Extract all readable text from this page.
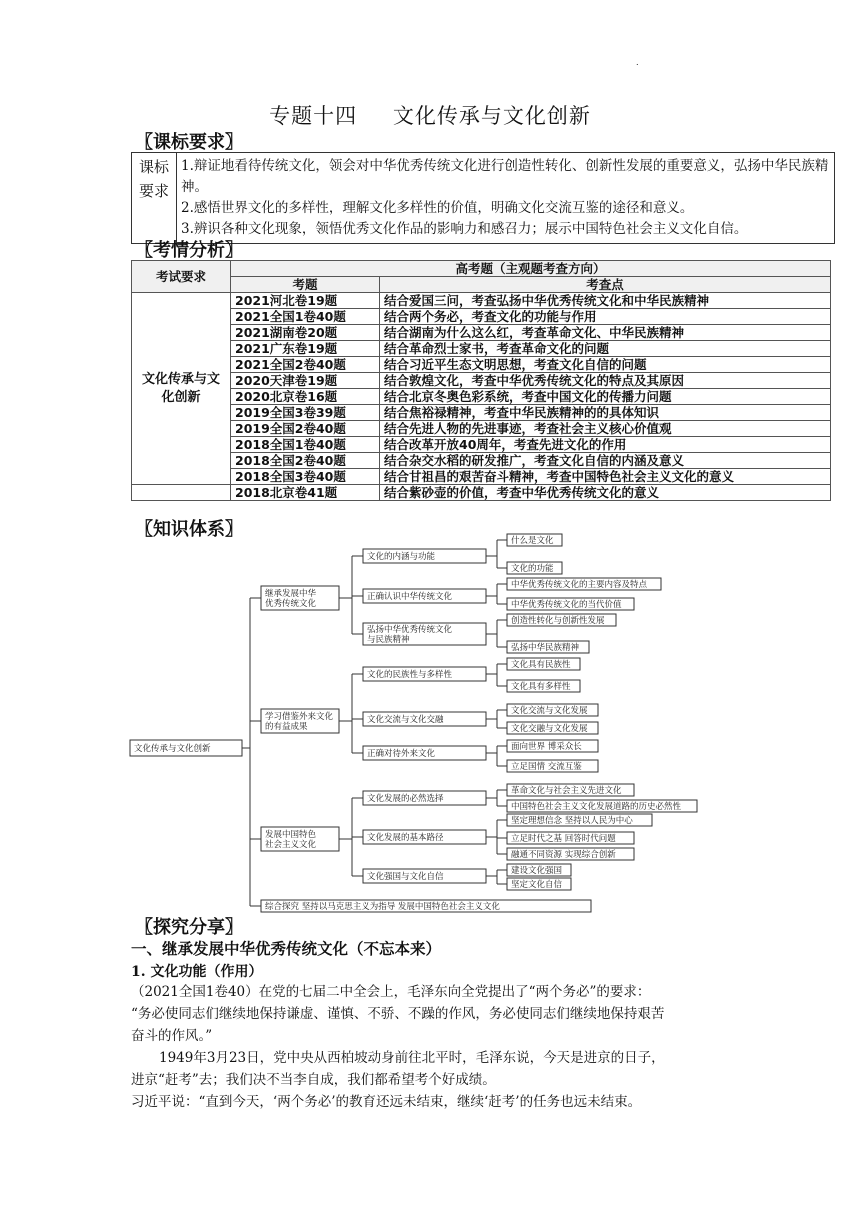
.
专题十四 文化传承与文化创新
〖课标要求〗
课标要求	
1.辩证地看待传统文化，领会对中华优秀传统文化进行创造性转化、创新性发展的重要意义，弘扬中华民族精神。
2.感悟世界文化的多样性，理解文化多样性的价值，明确文化交流互鉴的途径和意义。
3.辨识各种文化现象，领悟优秀文化作品的影响力和感召力；展示中国特色社会主义文化自信。
〖考情分析〗
考试要求	高考题（主观题考查方向）	
	考题	考查点
文化传承与文化创新	2021河北卷19题	结合爱国三问，考查弘扬中华优秀传统文化和中华民族精神
	2021全国1卷40题	结合两个务必，考查文化的功能与作用
	2021湖南卷20题	结合湖南为什么这么红，考查革命文化、中华民族精神
	2021广东卷19题	结合革命烈士家书，考查革命文化的问题
	2021全国2卷40题	结合习近平生态文明思想，考查文化自信的问题
	2020天津卷19题	结合敦煌文化，考查中华优秀传统文化的特点及其原因
	2020北京卷16题	结合北京冬奥色彩系统，考查中国文化的传播力问题
	2019全国3卷39题	结合焦裕禄精神，考查中华民族精神的的具体知识
	2019全国2卷40题	结合先进人物的先进事迹，考查社会主义核心价值观
	2018全国1卷40题	结合改革开放40周年，考查先进文化的作用
	2018全国2卷40题	结合杂交水稻的研发推广，考查文化自信的内涵及意义
	2018全国3卷40题	结合甘祖昌的艰苦奋斗精神，考查中国特色社会主义文化的意义
	2018北京卷41题	结合紫砂壶的价值，考查中华优秀传统文化的意义
〖知识体系〗
文化传承与文化创新
继承发展中华
优秀传统文化
文化的内涵与功能
什么是文化
文化的功能
正确认识中华传统文化
中华优秀传统文化的主要内容及特点
中华优秀传统文化的当代价值
弘扬中华优秀传统文化
与民族精神
创造性转化与创新性发展
弘扬中华民族精神
学习借鉴外来文化
的有益成果
文化的民族性与多样性
文化具有民族性
文化具有多样性
文化交流与文化交融
文化交流与文化发展
文化交融与文化发展
正确对待外来文化
面向世界 博采众长
立足国情 交流互鉴
发展中国特色
社会主义文化
文化发展的必然选择
革命文化与社会主义先进文化
中国特色社会主义文化发展道路的历史必然性
文化发展的基本路径
坚定理想信念 坚持以人民为中心
立足时代之基 回答时代问题
融通不同资源 实现综合创新
文化强国与文化自信
建设文化强国
坚定文化自信
综合探究 坚持以马克思主义为指导 发展中国特色社会主义文化
〖探究分享〗
一、继承发展中华优秀传统文化（不忘本来）
1. 文化功能（作用）
（2021全国1卷40）在党的七届二中全会上，毛泽东向全党提出了“两个务必”的要求：
“务必使同志们继续地保持谦虚、谨慎、不骄、不躁的作风，务必使同志们继续地保持艰苦
奋斗的作风。”
1949年3月23日，党中央从西柏坡动身前往北平时，毛泽东说，今天是进京的日子，
进京“赶考”去；我们决不当李自成，我们都希望考个好成绩。
习近平说：“直到今天，‘两个务必’的教育还远未结束，继续‘赶考’的任务也远未结束。
